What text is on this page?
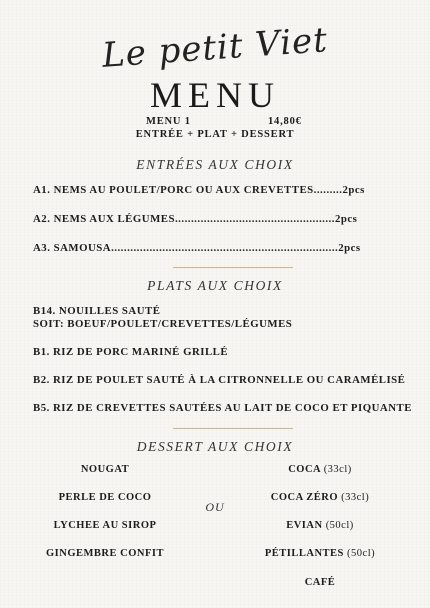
Le petit Viet
MENU
MENU 1	14,80€
ENTRÉE + PLAT + DESSERT
ENTRÉES AUX CHOIX
A1. NEMS AU POULET/PORC OU AUX CREVETTES.........2pcs
A2. NEMS AUX LÉGUMES..................................................2pcs
A3. SAMOUSA.......................................................................2pcs
PLATS AUX CHOIX
B14. NOUILLES SAUTÉ
SOIT: BOEUF/POULET/CREVETTES/LÉGUMES
B1. RIZ DE PORC MARINÉ GRILLÉ
B2. RIZ DE POULET SAUTÉ À LA CITRONNELLE OU CARAMÉLISÉ
B5. RIZ DE CREVETTES SAUTÉES AU LAIT DE COCO ET PIQUANTE
DESSERT AUX CHOIX
NOUGAT
PERLE DE COCO
LYCHEE AU SIROP
GINGEMBRE CONFIT
OU
COCA (33cl)
COCA ZÉRO (33cl)
EVIAN (50cl)
PÉTILLANTES (50cl)
CAFÉ
